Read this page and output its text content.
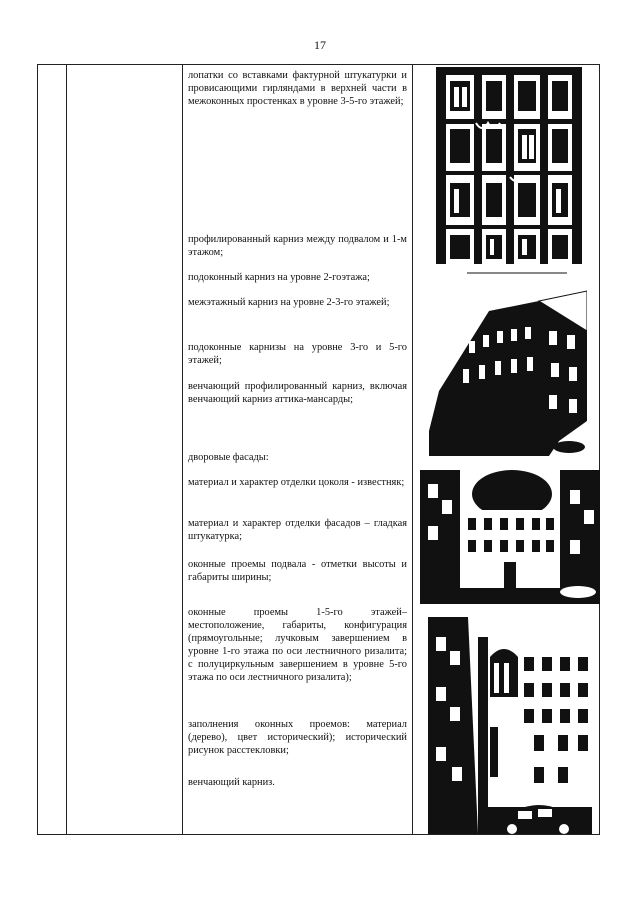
17

лопатки со вставками фактурной штукатурки и провисающими гирляндами в верхней части в межоконных простенках в уровне 3-5-го этажей;

профилированный карниз между подвалом и 1-м этажом;

подоконный карниз на уровне 2-гоэтажа;

межэтажный карниз на уровне 2-3-го этажей;

подоконные карнизы на уровне 3-го и 5-го этажей;

венчающий профилированный карниз, включая венчающий карниз аттика-мансарды;

дворовые фасады:

материал и характер отделки цоколя - известняк;

материал и характер отделки фасадов – гладкая штукатурка;

оконные проемы подвала - отметки высоты и габариты ширины;

оконные проемы 1-5-го этажей– местоположение, габариты, конфигурация (прямоугольные; лучковым завершением в уровне 1-го этажа по оси лестничного ризалита; с полуциркульным завершением в уровне 5-го этажа по оси лестничного ризалита);

заполнения оконных проемов: материал (дерево), цвет исторический); исторический рисунок расстекловки;

венчающий карниз.
